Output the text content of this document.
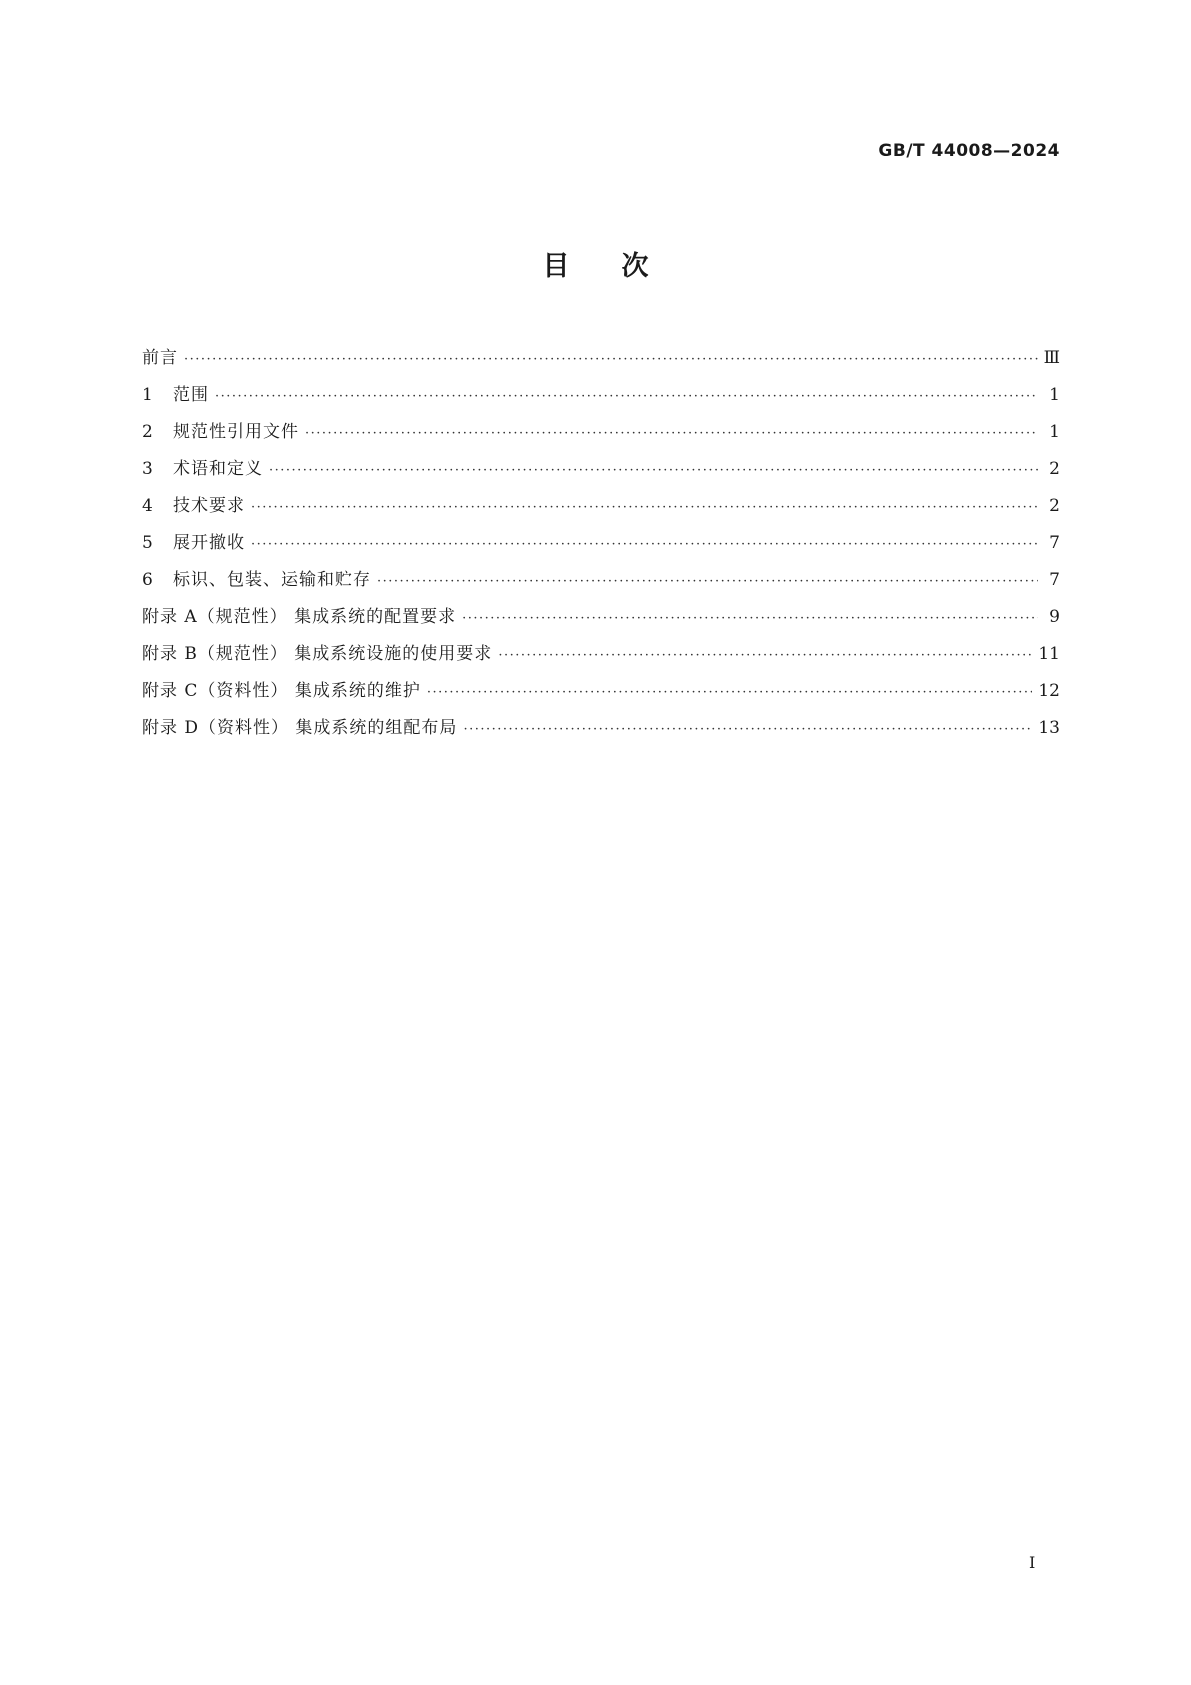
GB/T 44008—2024
目次
前言 ·····	Ⅲ
1	范围 ·····	1
2	规范性引用文件 ·····	1
3	术语和定义 ·····	2
4	技术要求 ·····	2
5	展开撤收 ·····	7
6	标识、包装、运输和贮存 ·····	7
附录 A（规范性） 集成系统的配置要求 ·····	9
附录 B（规范性） 集成系统设施的使用要求 ·····	11
附录 C（资料性） 集成系统的维护 ·····	12
附录 D（资料性） 集成系统的组配布局 ·····	13
I
